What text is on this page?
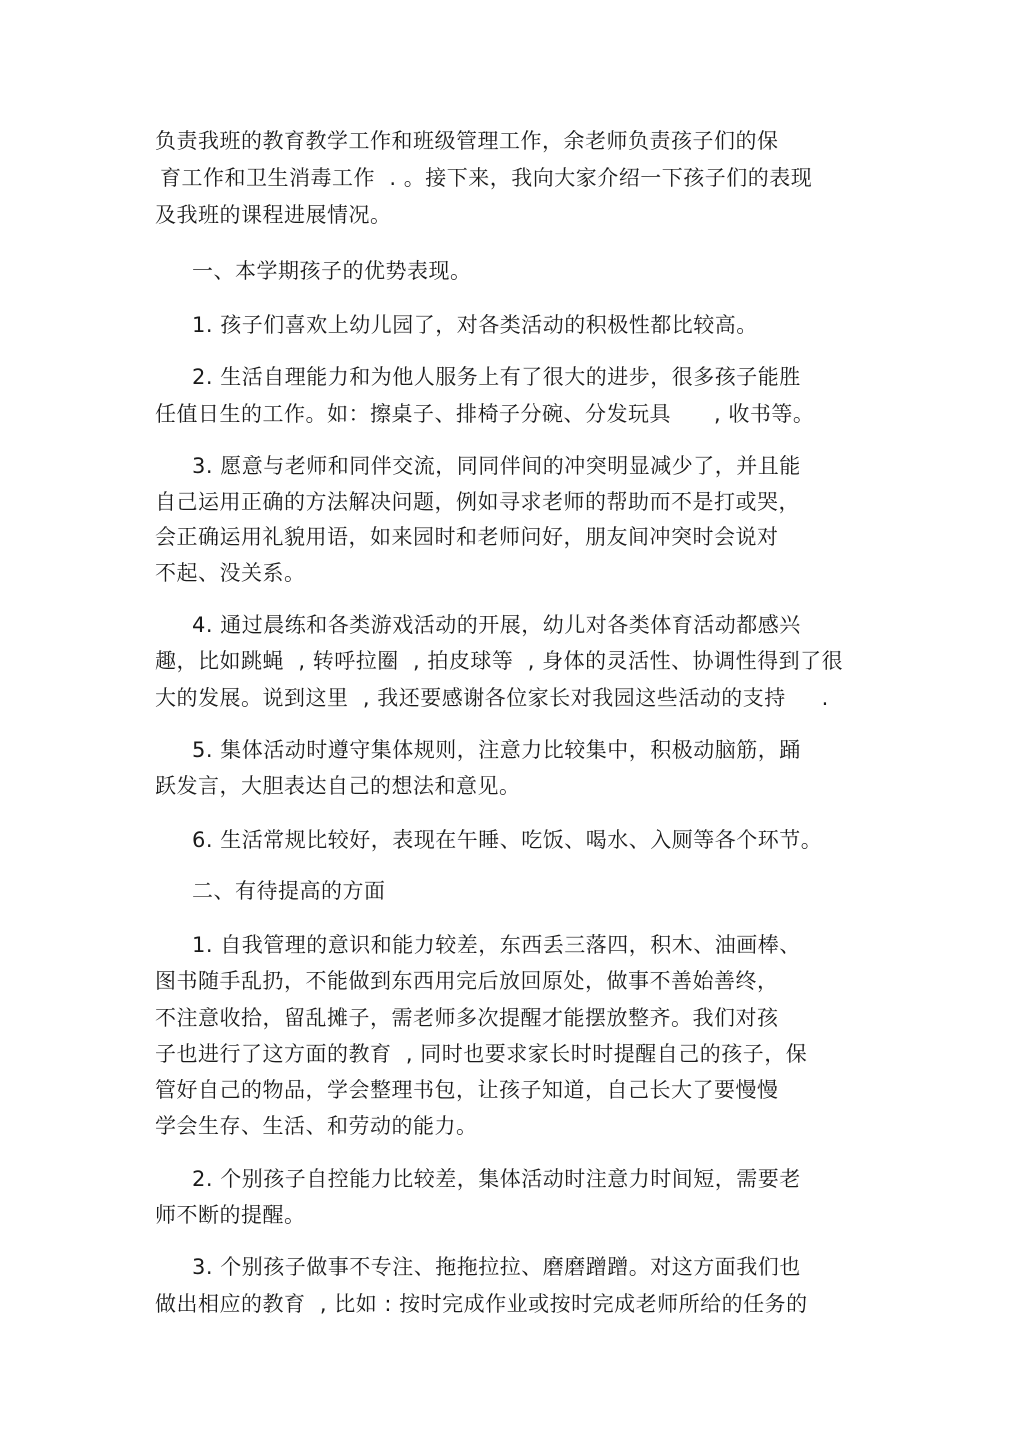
负责我班的教育教学工作和班级管理工作，余老师负责孩子们的保
育工作和卫生消毒工作  . 。接下来，我向大家介绍一下孩子们的表现
及我班的课程进展情况。
一、本学期孩子的优势表现。
1. 孩子们喜欢上幼儿园了，对各类活动的积极性都比较高。
2. 生活自理能力和为他人服务上有了很大的进步，很多孩子能胜
任值日生的工作。如：擦桌子、排椅子分碗、分发玩具      , 收书等。
3. 愿意与老师和同伴交流，同同伴间的冲突明显减少了，并且能
自己运用正确的方法解决问题，例如寻求老师的帮助而不是打或哭，
会正确运用礼貌用语，如来园时和老师问好，朋友间冲突时会说对
不起、没关系。
4. 通过晨练和各类游戏活动的开展，幼儿对各类体育活动都感兴
趣，比如跳蝇  , 转呼拉圈  , 拍皮球等  , 身体的灵活性、协调性得到了很
大的发展。说到这里  , 我还要感谢各位家长对我园这些活动的支持     .
5. 集体活动时遵守集体规则，注意力比较集中，积极动脑筋，踊
跃发言，大胆表达自己的想法和意见。
6. 生活常规比较好，表现在午睡、吃饭、喝水、入厕等各个环节。
二、有待提高的方面
1. 自我管理的意识和能力较差，东西丢三落四，积木、油画棒、
图书随手乱扔，不能做到东西用完后放回原处，做事不善始善终，
不注意收拾，留乱摊子，需老师多次提醒才能摆放整齐。我们对孩
子也进行了这方面的教育  , 同时也要求家长时时提醒自己的孩子，保
管好自己的物品，学会整理书包，让孩子知道，自己长大了要慢慢
学会生存、生活、和劳动的能力。
2. 个别孩子自控能力比较差，集体活动时注意力时间短，需要老
师不断的提醒。
3. 个别孩子做事不专注、拖拖拉拉、磨磨蹭蹭。对这方面我们也
做出相应的教育  , 比如 : 按时完成作业或按时完成老师所给的任务的
